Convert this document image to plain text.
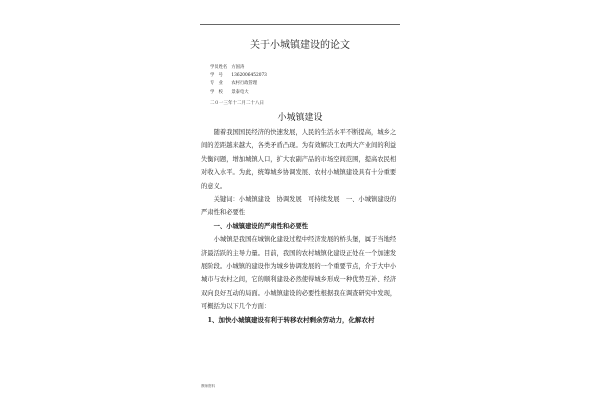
关于小城镇建设的论文
学员姓名 方国涛
学　号 1362006452073
专　业 农村行政管理
学　校 景泰电大
二０一三年十二月二十八日
小城镇建设

随着我国国民经济的快速发展，人民的生活水平不断提高，城乡之间的差距越来越大，各类矛盾凸现。为有效解决工农两大产业间的利益失衡问题，增加城镇人口，扩大农副产品的市场空间范围，提高农民相对收入水平。为此，统筹城乡协调发展、农村小城镇建设具有十分重要的意义。

关键词：小城镇建设　协调发展　可持续发展　一、小城镇建设的严肃性和必要性

一、小城镇建设的严肃性和必要性

小城镇是我国在城镇化建设过程中经济发展的桥头堡，属于当地经济最活跃的主导力量。目前，我国的农村城镇化建设正处在一个加速发展阶段。小城镇的建设作为城乡协调发展的一个重要节点，介于大中小城市与农村之间，它的顺利建设必然使得城乡形成一种优势互补、经济双向良好互动的局面。小城镇建设的必要性根据我在调查研究中发现，可概括为以下几个方面：

1、加快小城镇建设有利于转移农村剩余劳动力，化解农村
教师资料
